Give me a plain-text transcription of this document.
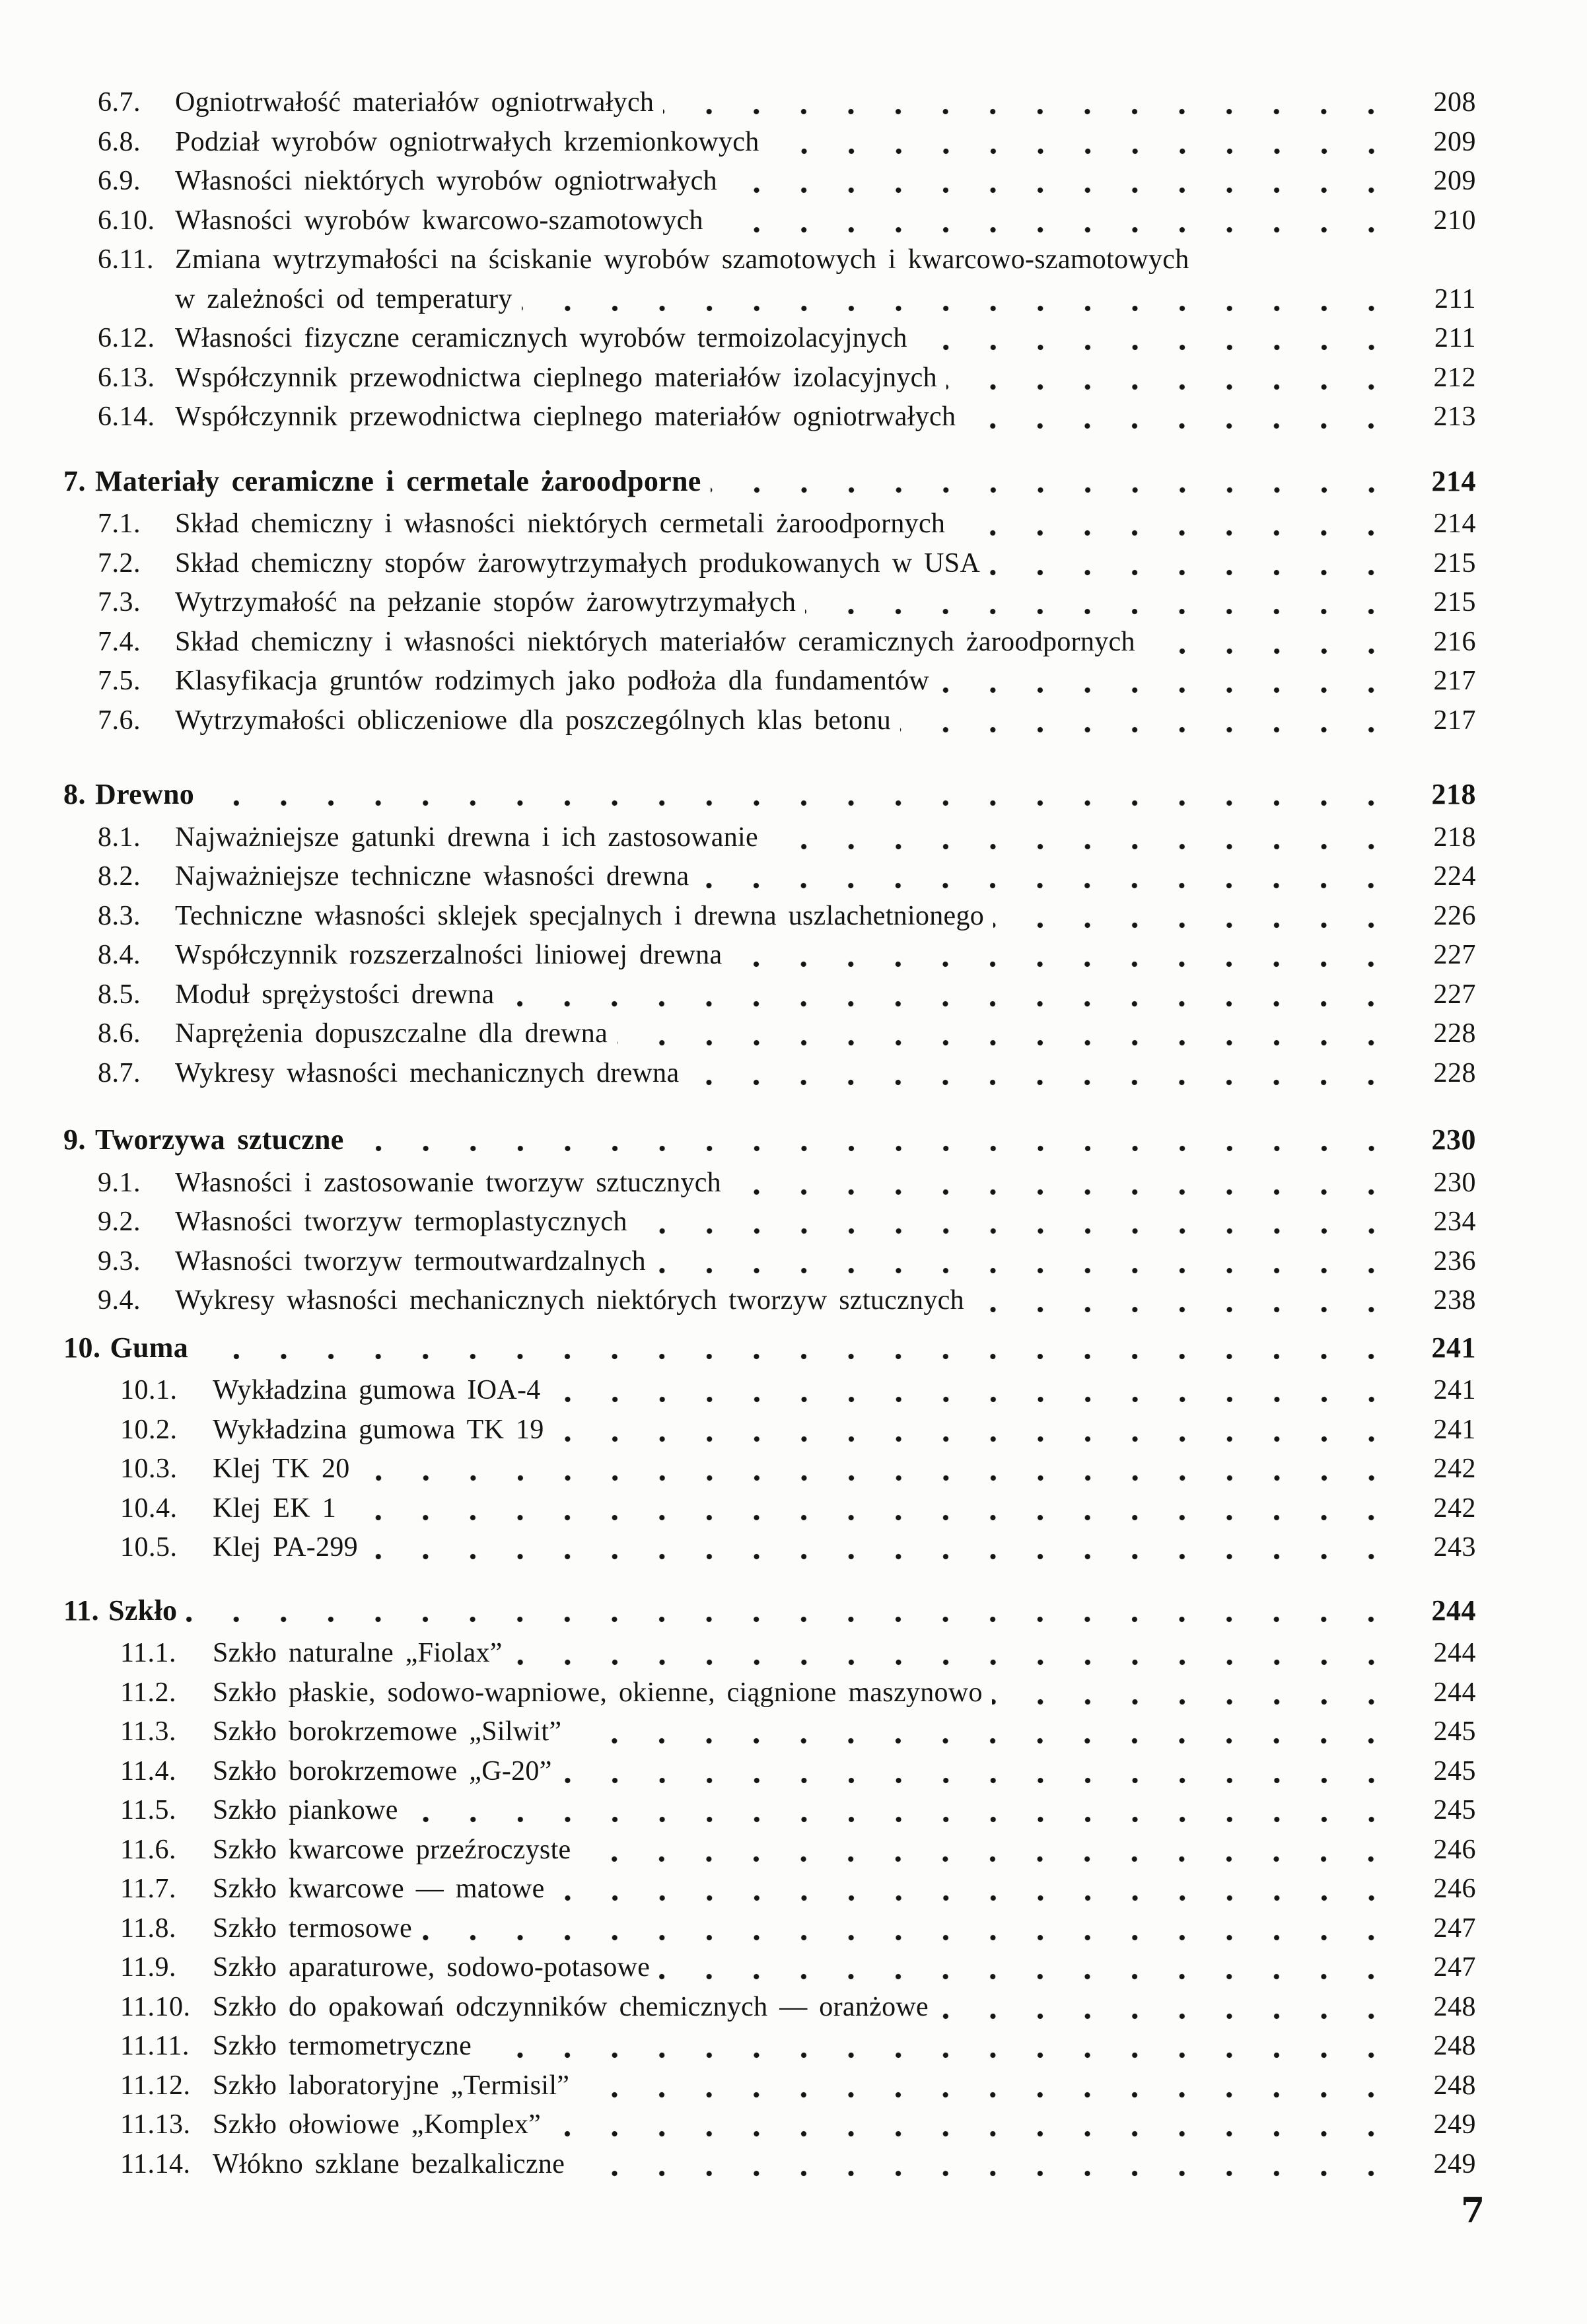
6.7.	Ogniotrwałość materiałów ogniotrwałych	208
6.8.	Podział wyrobów ogniotrwałych krzemionkowych	209
6.9.	Własności niektórych wyrobów ogniotrwałych	209
6.10. Własności wyrobów kwarcowo-szamotowych	210
6.11. Zmiana wytrzymałości na ściskanie wyrobów szamotowych i kwarcowo-szamotowych
w zależności od temperatury	211
6.12. Własności fizyczne ceramicznych wyrobów termoizolacyjnych	211
6.13. Współczynnik przewodnictwa cieplnego materiałów izolacyjnych	212
6.14. Współczynnik przewodnictwa cieplnego materiałów ogniotrwałych	213
7. Materiały ceramiczne i cermetale żaroodporne	214
7.1.	Skład chemiczny i własności niektórych cermetali żaroodpornych	214
7.2.	Skład chemiczny stopów żarowytrzymałych produkowanych w USA	215
7.3.	Wytrzymałość na pełzanie stopów żarowytrzymałych	215
7.4.	Skład chemiczny i własności niektórych materiałów ceramicznych żaroodpornych	216
7.5.	Klasyfikacja gruntów rodzimych jako podłoża dla fundamentów	217
7.6.	Wytrzymałości obliczeniowe dla poszczególnych klas betonu	217
8. Drewno	218
8.1.	Najważniejsze gatunki drewna i ich zastosowanie	218
8.2.	Najważniejsze techniczne własności drewna	224
8.3.	Techniczne własności sklejek specjalnych i drewna uszlachetnionego	226
8.4.	Współczynnik rozszerzalności liniowej drewna	227
8.5.	Moduł sprężystości drewna	227
8.6.	Naprężenia dopuszczalne dla drewna	228
8.7.	Wykresy własności mechanicznych drewna	228
9. Tworzywa sztuczne	230
9.1.	Własności i zastosowanie tworzyw sztucznych	230
9.2.	Własności tworzyw termoplastycznych	234
9.3.	Własności tworzyw termoutwardzalnych	236
9.4.	Wykresy własności mechanicznych niektórych tworzyw sztucznych	238
10. Guma	241
10.1.	Wykładzina gumowa IOA-4	241
10.2.	Wykładzina gumowa TK 19	241
10.3.	Klej TK 20	242
10.4.	Klej EK 1	242
10.5.	Klej PA-299	243
11. Szkło	244
11.1.	Szkło naturalne „Fiolax”	244
11.2.	Szkło płaskie, sodowo-wapniowe, okienne, ciągnione maszynowo	244
11.3.	Szkło borokrzemowe „Silwit”	245
11.4.	Szkło borokrzemowe „G-20”	245
11.5.	Szkło piankowe	245
11.6.	Szkło kwarcowe przeźroczyste	246
11.7.	Szkło kwarcowe — matowe	246
11.8.	Szkło termosowe	247
11.9.	Szkło aparaturowe, sodowo-potasowe	247
11.10. Szkło do opakowań odczynników chemicznych — oranżowe	248
11.11. Szkło termometryczne	248
11.12. Szkło laboratoryjne „Termisil”	248
11.13. Szkło ołowiowe „Komplex”	249
11.14. Włókno szklane bezalkaliczne	249
7
